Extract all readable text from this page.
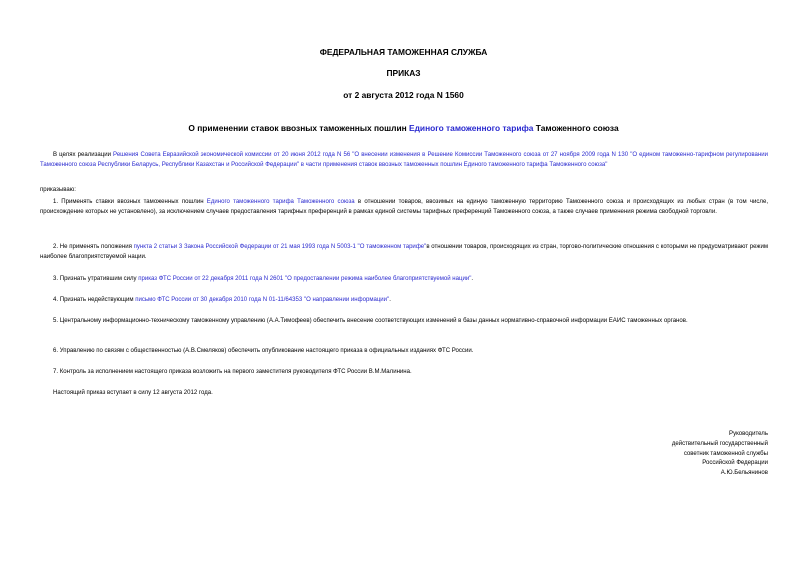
ФЕДЕРАЛЬНАЯ ТАМОЖЕННАЯ СЛУЖБА
ПРИКАЗ
от 2 августа 2012 года N 1560
О применении ставок ввозных таможенных пошлин Единого таможенного тарифа Таможенного союза

В целях реализации Решения Совета Евразийской экономической комиссии от 20 июня 2012 года N 56 "О внесении изменения в Решение Комиссии Таможенного союза от 27 ноября 2009 года N 130 "О едином таможенно-тарифном регулировании Таможенного союза Республики Беларусь, Республики Казахстан и Российской Федерации" в части применения ставок ввозных таможенных пошлин Единого таможенного тарифа Таможенного союза"

приказываю:

1. Применять ставки ввозных таможенных пошлин Единого таможенного тарифа Таможенного союза в отношении товаров, ввозимых на единую таможенную территорию Таможенного союза и происходящих из любых стран (в том числе, происхождение которых не установлено), за исключением случаев предоставления тарифных преференций в рамках единой системы тарифных преференций Таможенного союза, а также случаев применения режима свободной торговли.

2. Не применять положения пункта 2 статьи 3 Закона Российской Федерации от 21 мая 1993 года N 5003-1 "О таможенном тарифе"в отношении товаров, происходящих из стран, торгово-политические отношения с которыми не предусматривают режим наиболее благоприятствуемой нации.

3. Признать утратившим силу приказ ФТС России от 22 декабря 2011 года N 2601 "О предоставлении режима наиболее благоприятствуемой нации".

4. Признать недействующим письмо ФТС России от 30 декабря 2010 года N 01-11/64353 "О направлении информации".

5. Центральному информационно-техническому таможенному управлению (А.А.Тимофеев) обеспечить внесение соответствующих изменений в базы данных нормативно-справочной информации ЕАИС таможенных органов.

6. Управлению по связям с общественностью (А.В.Смеляков) обеспечить опубликование настоящего приказа в официальных изданиях ФТС России.

7. Контроль за исполнением настоящего приказа возложить на первого заместителя руководителя ФТС России В.М.Малинина.

Настоящий приказ вступает в силу 12 августа 2012 года.

Руководитель
действительный государственный
советник таможенной службы
Российской Федерации
А.Ю.Бельянинов
